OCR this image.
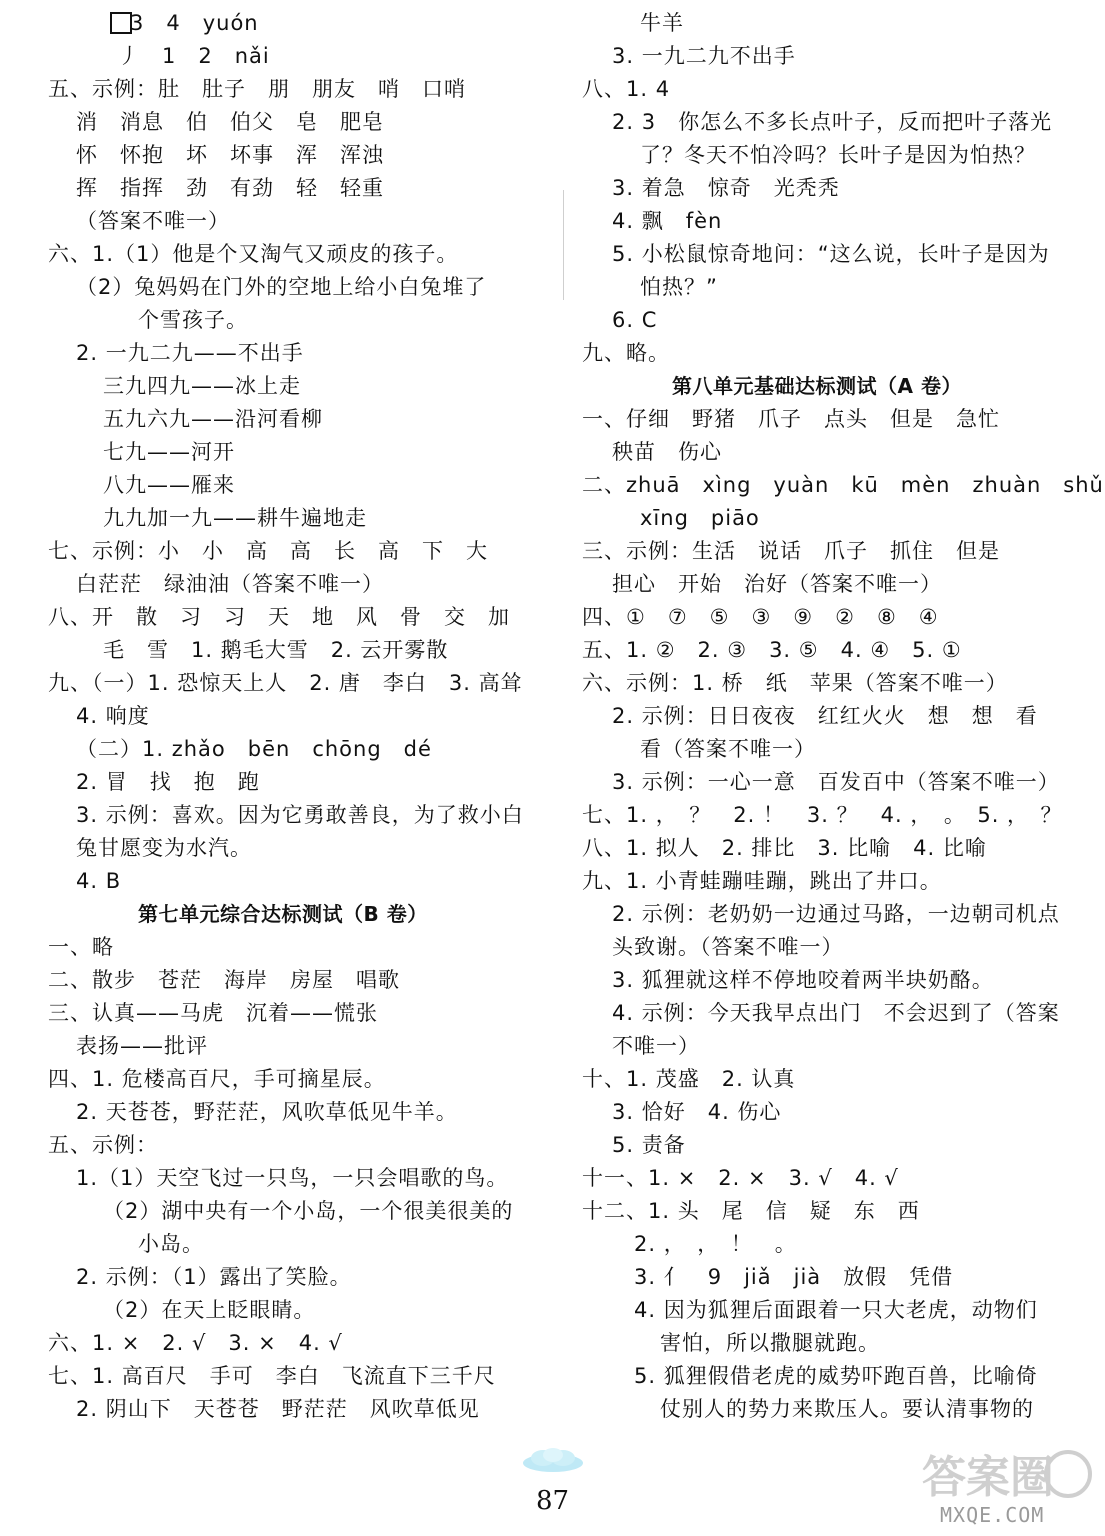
3　4　yuón
丿　1　2　nǎi
五、示例：肚　肚子　朋　朋友　哨　口哨
消　消息　伯　伯父　皂　肥皂
怀　怀抱　坏　坏事　浑　浑浊
挥　指挥　劲　有劲　轻　轻重
（答案不唯一）
六、1.（1）他是个又淘气又顽皮的孩子。
（2）兔妈妈在门外的空地上给小白兔堆了
个雪孩子。
2. 一九二九——不出手
三九四九——冰上走
五九六九——沿河看柳
七九——河开
八九——雁来
九九加一九——耕牛遍地走
七、示例：小　小　高　高　长　高　下　大
白茫茫　绿油油（答案不唯一）
八、开　散　习　习　天　地　风　骨　交　加
毛　雪　1. 鹅毛大雪　2. 云开雾散
九、（一）1. 恐惊天上人　2. 唐　李白　3. 高耸
4. 响度
（二）1. zhǎo　bēn　chōng　dé
2. 冒　找　抱　跑
3. 示例：喜欢。因为它勇敢善良，为了救小白
兔甘愿变为水汽。
4. B
一、略
二、散步　苍茫　海岸　房屋　唱歌
三、认真——马虎　沉着——慌张
表扬——批评
四、1. 危楼高百尺，手可摘星辰。
2. 天苍苍，野茫茫，风吹草低见牛羊。
五、示例：
1.（1）天空飞过一只鸟，一只会唱歌的鸟。
（2）湖中央有一个小岛，一个很美很美的
小岛。
2. 示例：（1）露出了笑脸。
（2）在天上眨眼睛。
六、1. ×　2. √　3. ×　4. √
七、1. 高百尺　手可　李白　飞流直下三千尺
2. 阴山下　天苍苍　野茫茫　风吹草低见
第七单元综合达标测试（B 卷）
牛羊
3. 一九二九不出手
八、1. 4
2. 3　你怎么不多长点叶子，反而把叶子落光
了？冬天不怕冷吗？长叶子是因为怕热？
3. 着急　惊奇　光秃秃
4. 飘　fèn
5. 小松鼠惊奇地问：“这么说，长叶子是因为
怕热？”
6. C
九、略。
一、仔细　野猪　爪子　点头　但是　急忙
秧苗　伤心
二、zhuā　xìng　yuàn　kū　mèn　zhuàn　shǔ
xīng　piāo
三、示例：生活　说话　爪子　抓住　但是
担心　开始　治好（答案不唯一）
四、①　⑦　⑤　③　⑨　②　⑧　④
五、1. ②　2. ③　3. ⑤　4. ④　5. ①
六、示例：1. 桥　纸　苹果（答案不唯一）
2. 示例：日日夜夜　红红火火　想　想　看
看（答案不唯一）
3. 示例：一心一意　百发百中（答案不唯一）
七、1. ，　？　2. ！　3. ？　4. ，　。　5. ，　？
八、1. 拟人　2. 排比　3. 比喻　4. 比喻
九、1. 小青蛙蹦哇蹦，跳出了井口。
2. 示例：老奶奶一边通过马路，一边朝司机点
头致谢。（答案不唯一）
3. 狐狸就这样不停地咬着两半块奶酪。
4. 示例：今天我早点出门　不会迟到了（答案
不唯一）
十、1. 茂盛　2. 认真
3. 恰好　4. 伤心
5. 责备
十一、1. ×　2. ×　3. √　4. √
十二、1. 头　尾　信　疑　东　西
2. ，　，　！　。
3. 亻　9　jiǎ　jià　放假　凭借
4. 因为狐狸后面跟着一只大老虎，动物们
害怕，所以撒腿就跑。
5. 狐狸假借老虎的威势吓跑百兽，比喻倚
仗别人的势力来欺压人。要认清事物的
第八单元基础达标测试（A 卷）
87	答案圈
MXQE.COM
